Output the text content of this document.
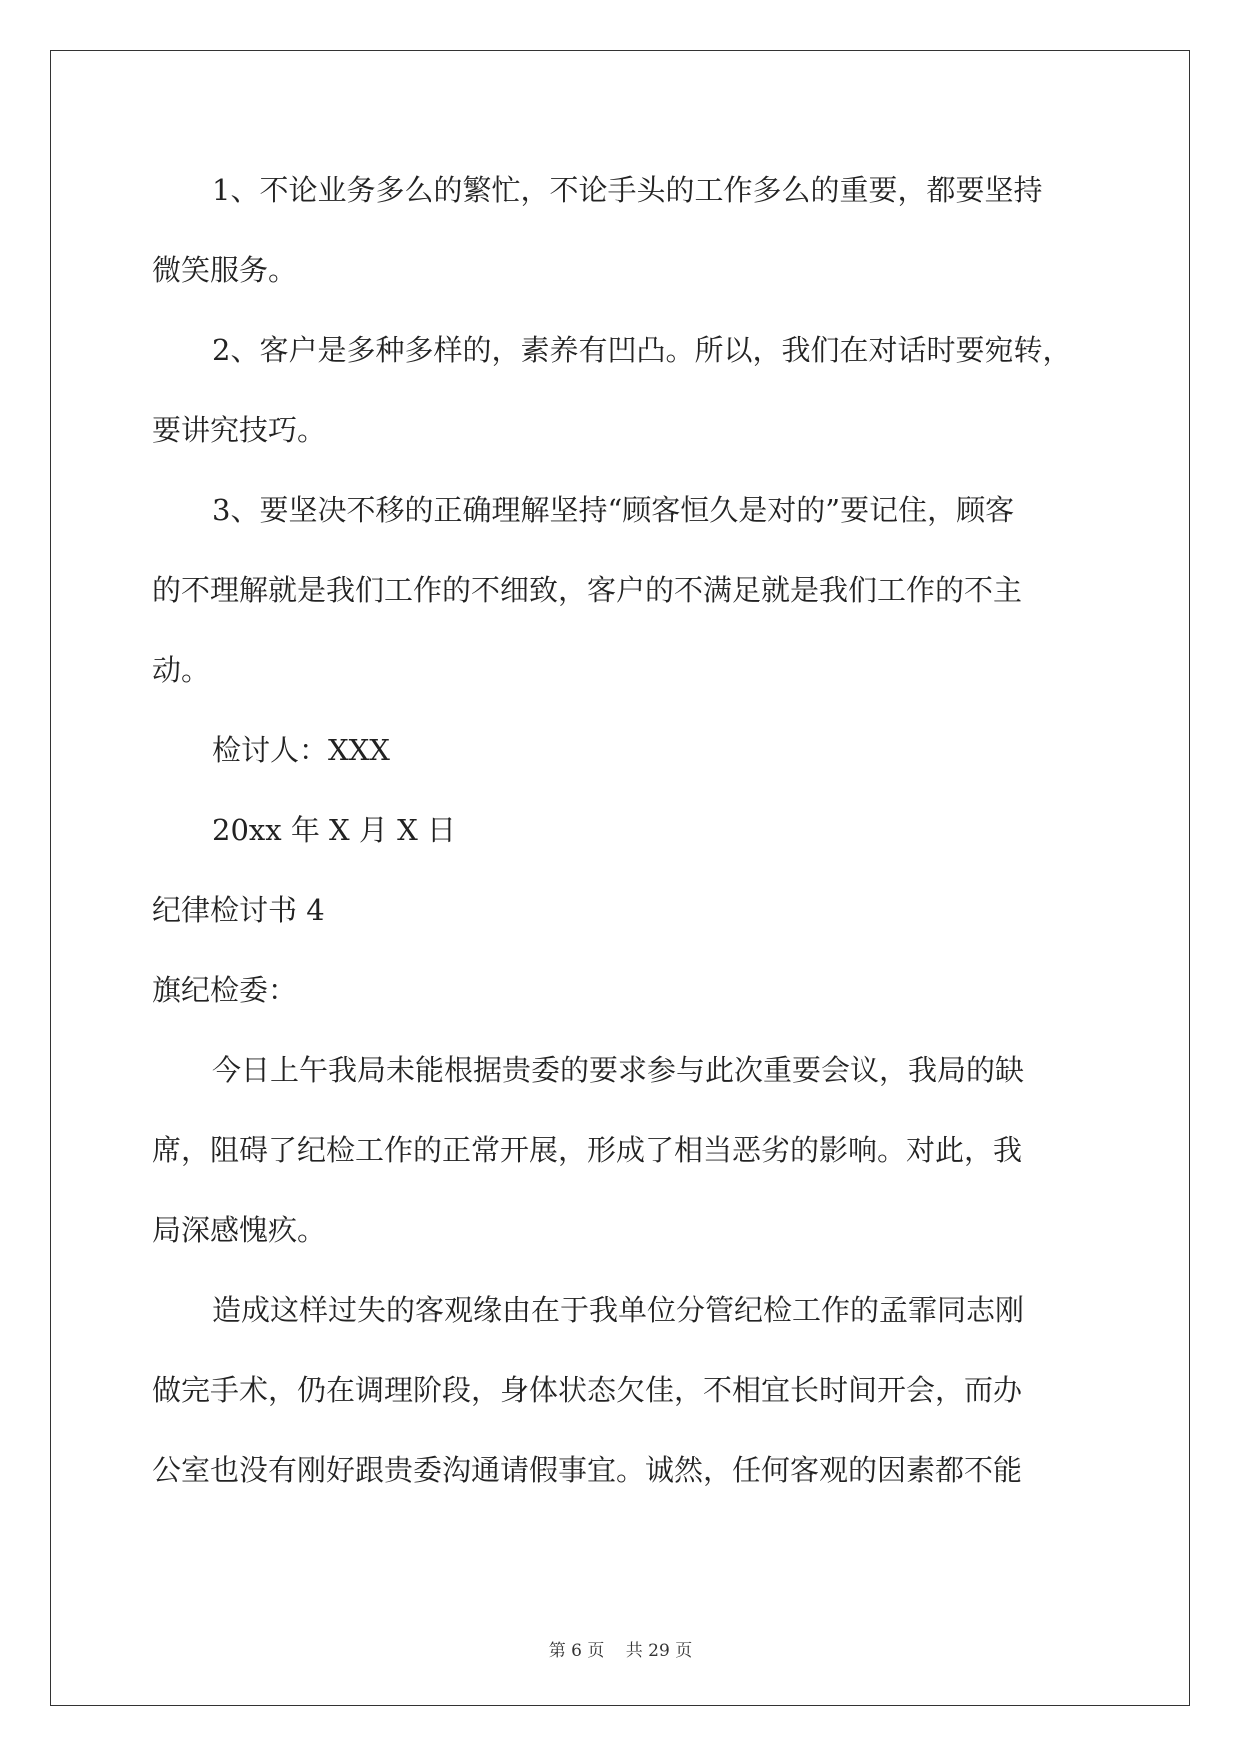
1、不论业务多么的繁忙，不论手头的工作多么的重要，都要坚持

微笑服务。

2、客户是多种多样的，素养有凹凸。所以，我们在对话时要宛转，

要讲究技巧。

3、要坚决不移的正确理解坚持“顾客恒久是对的”要记住，顾客

的不理解就是我们工作的不细致，客户的不满足就是我们工作的不主

动。

检讨人：XXX

20xx 年 X 月 X 日

纪律检讨书 4

旗纪检委：

今日上午我局未能根据贵委的要求参与此次重要会议，我局的缺

席，阻碍了纪检工作的正常开展，形成了相当恶劣的影响。对此，我

局深感愧疚。

造成这样过失的客观缘由在于我单位分管纪检工作的孟霏同志刚

做完手术，仍在调理阶段，身体状态欠佳，不相宜长时间开会，而办

公室也没有刚好跟贵委沟通请假事宜。诚然，任何客观的因素都不能

第 6 页 共 29 页
